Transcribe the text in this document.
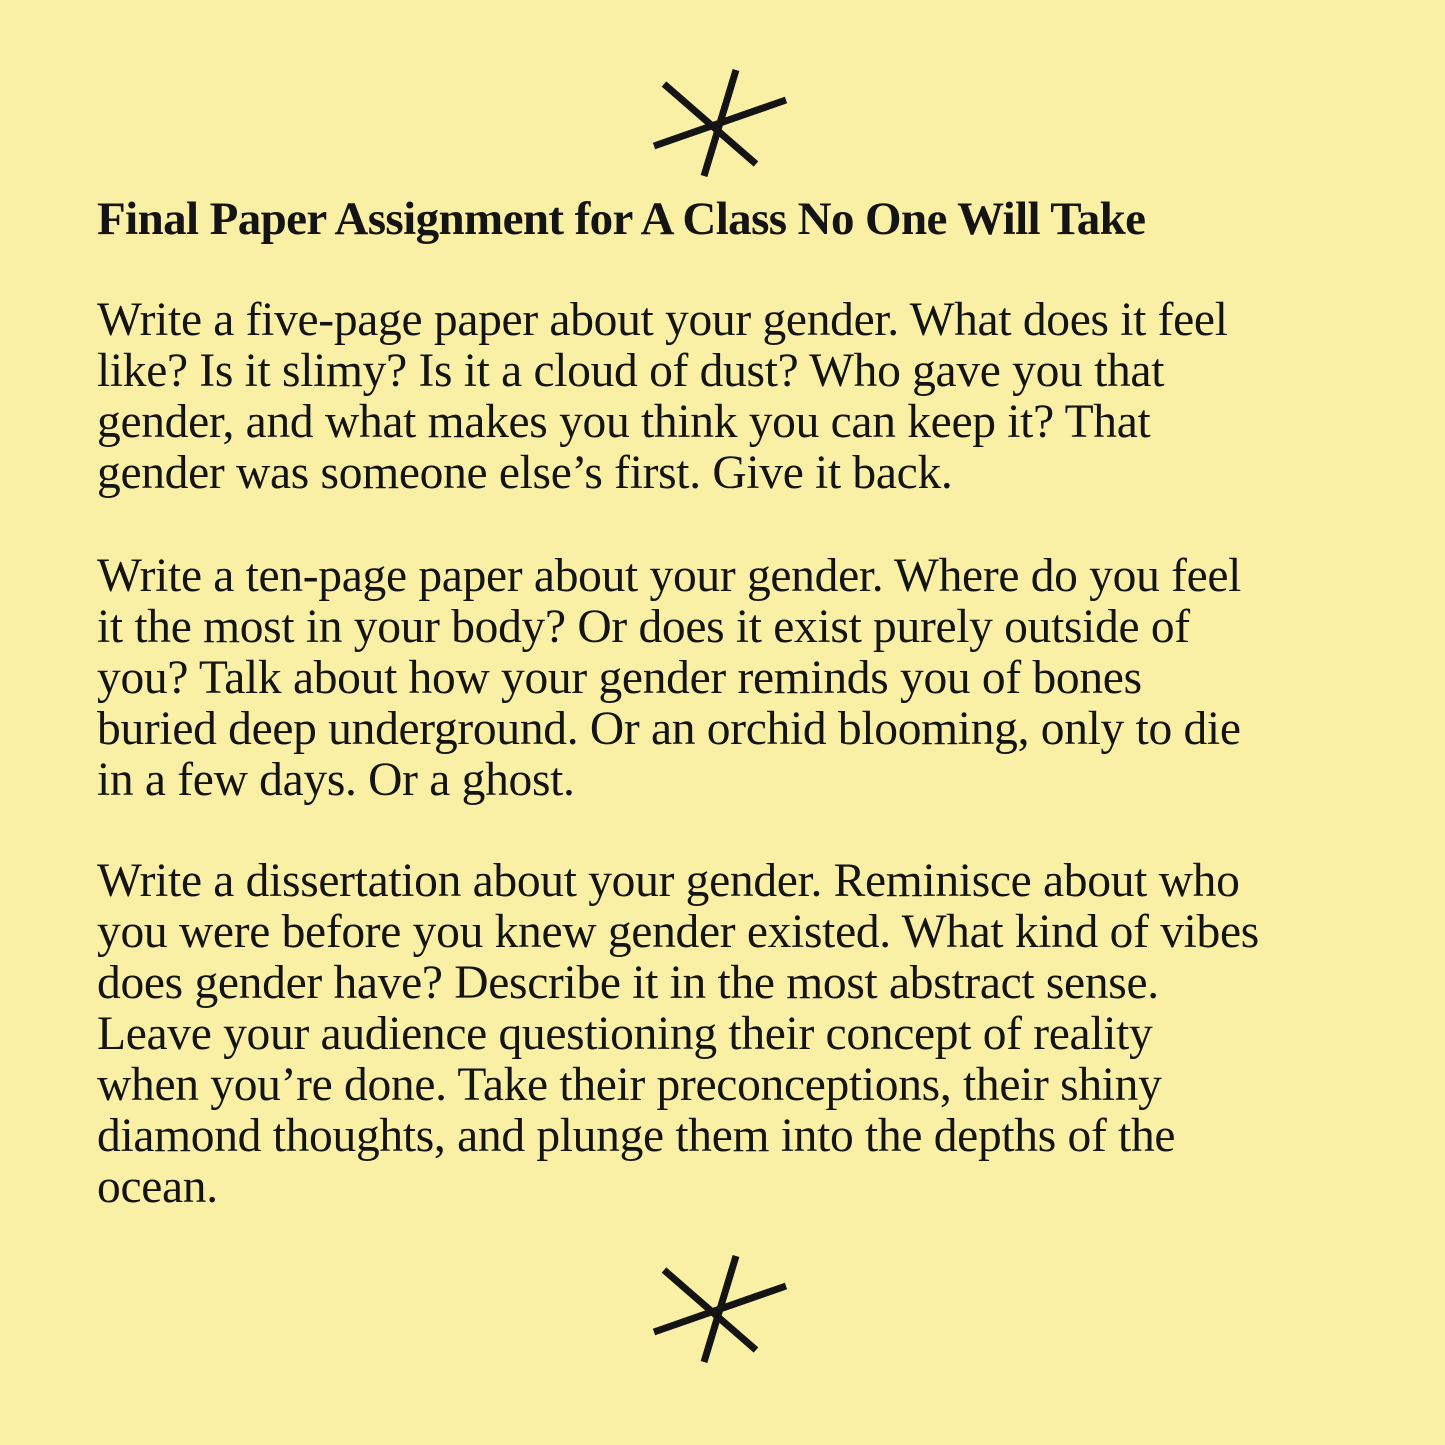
Final Paper Assignment for A Class No One Will Take

Write a five-page paper about your gender. What does it feel
like? Is it slimy? Is it a cloud of dust? Who gave you that
gender, and what makes you think you can keep it? That
gender was someone else’s first. Give it back.

Write a ten-page paper about your gender. Where do you feel
it the most in your body? Or does it exist purely outside of
you? Talk about how your gender reminds you of bones
buried deep underground. Or an orchid blooming, only to die
in a few days. Or a ghost.

Write a dissertation about your gender. Reminisce about who
you were before you knew gender existed. What kind of vibes
does gender have? Describe it in the most abstract sense.
Leave your audience questioning their concept of reality
when you’re done. Take their preconceptions, their shiny
diamond thoughts, and plunge them into the depths of the
ocean.
